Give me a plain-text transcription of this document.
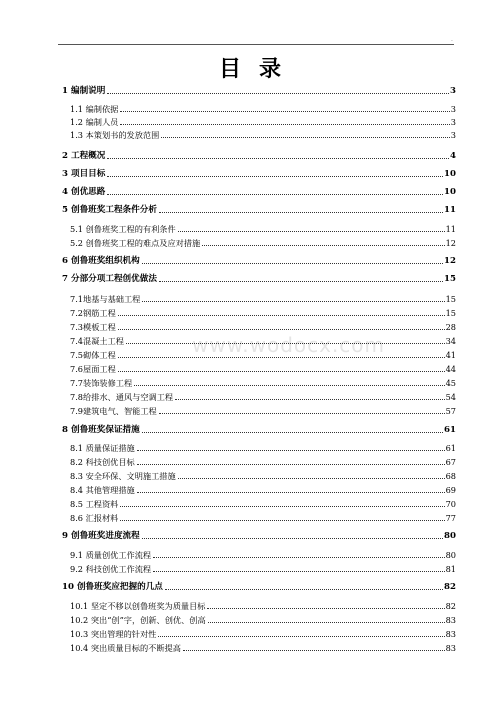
.
目录
www.wodocx.com
1 编制说明	3
1.1 编制依据	3
1.2 编制人员	3
1.3 本策划书的发放范围	3
2 工程概况	4
3 项目目标	10
4 创优思路	10
5 创鲁班奖工程条件分析	11
5.1 创鲁班奖工程的有利条件	11
5.2 创鲁班奖工程的难点及应对措施	12
6 创鲁班奖组织机构	12
7 分部分项工程创优做法	15
7.1地基与基础工程	15
7.2钢筋工程	15
7.3模板工程	28
7.4混凝土工程	34
7.5砌体工程	41
7.6屋面工程	44
7.7装饰装修工程	45
7.8给排水、通风与空调工程	54
7.9建筑电气、智能工程	57
8 创鲁班奖保证措施	61
8.1 质量保证措施	61
8.2 科技创优目标	67
8.3 安全环保、文明施工措施	68
8.4 其他管理措施	69
8.5 工程资料	70
8.6 汇报材料	77
9 创鲁班奖进度流程	80
9.1 质量创优工作流程	80
9.2 科技创优工作流程	81
10 创鲁班奖应把握的几点	82
10.1 坚定不移以创鲁班奖为质量目标	82
10.2 突出“创”字，创新、创优、创高	83
10.3 突出管理的针对性	83
10.4 突出质量目标的不断提高	83
